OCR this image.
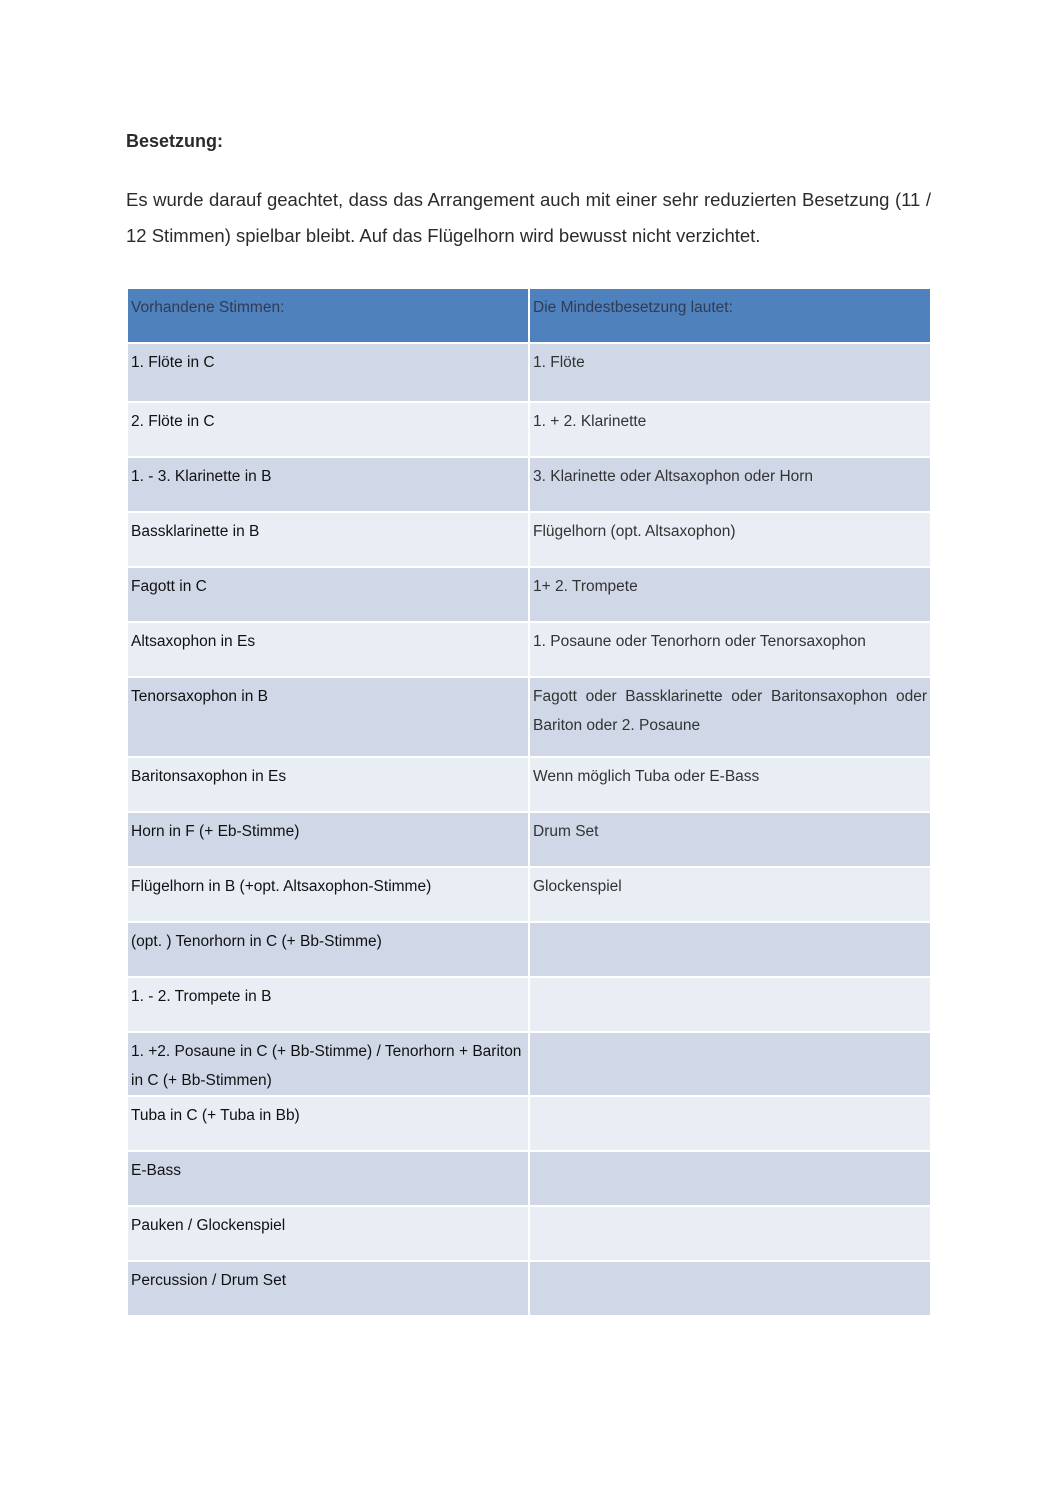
Besetzung:

Es wurde darauf geachtet, dass das Arrangement auch mit einer sehr reduzierten Besetzung (11 / 12 Stimmen) spielbar bleibt. Auf das Flügelhorn wird bewusst nicht verzichtet.

Vorhandene Stimmen:	Die Mindestbesetzung lautet:
1. Flöte in C	1. Flöte
2. Flöte in C	1. + 2. Klarinette
1. - 3. Klarinette in B	3. Klarinette oder Altsaxophon oder Horn
Bassklarinette in B	Flügelhorn (opt. Altsaxophon)
Fagott in C	1+ 2. Trompete
Altsaxophon in Es	1. Posaune oder Tenorhorn oder Tenorsaxophon
Tenorsaxophon in B	Fagott oder Bassklarinette oder Baritonsaxophon oder Bariton oder 2. Posaune
Baritonsaxophon in Es	Wenn möglich Tuba oder E-Bass
Horn in F (+ Eb-Stimme)	Drum Set
Flügelhorn in B (+opt. Altsaxophon-Stimme)	Glockenspiel
(opt. ) Tenorhorn in C (+ Bb-Stimme)	
1. - 2. Trompete in B	
1. +2. Posaune in C (+ Bb-Stimme) / Tenorhorn + Bariton in C (+ Bb-Stimmen)	
Tuba in C (+ Tuba in Bb)	
E-Bass	
Pauken / Glockenspiel	
Percussion / Drum Set	
